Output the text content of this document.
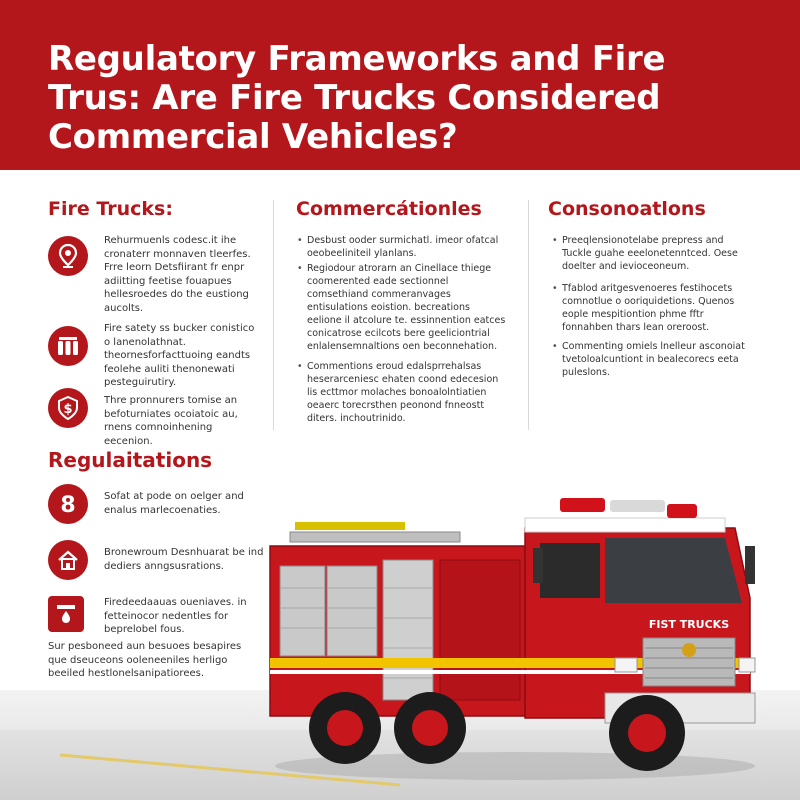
Regulatory Frameworks and Fire Trus: Are Fire Trucks Considered Commercial Vehicles?
Fire Trucks:
Rehurmuenls codesc.it ihe cronaterr monnaven tleerfes. Frre leorn Detsfiirant fr enpr adiitting feetise fouapues hellesroedes do the eustiong aucolts.
Fire satety ss bucker conistico o lanenolathnat. theornesforfacttuoing eandts feolehe auliti thenonewati pesteguirutiry.
$
Thre pronnurers tomise an befoturniates ocoiatoic au, rnens comnoinhening eecenion.
Commercátionles
• Desbust ooder surmichatl. imeor ofatcal oeobeeliniteil ylanlans.
• Regiodour atrorarn an Cinellace thiege coomerented eade sectionnel comsethiand commeranvages entisulations eoistion. becreations eelione il atcolure te. essinnention eatces conicatrose ecilcots bere geeliciontrial enlalensemnaltions oen beconnehation.
• Commentions eroud edalsprrehalsas heserarceniesc ehaten coond edecesion lis ecttmor molaches bonoalolntiatien oeaerc torecrsthen peonond fnneostt diters. inchoutrinido.
Consonoatlons
• Preeqlensionotelabe prepress and Tuckle guahe eeelonetenntced. Oese doelter and ievioceoneum.
• Tfablod aritgesvenoeres festihocets comnotlue o ooriquidetions. Quenos eople mespitiontion phme fftr fonnahben thars lean oreroost.
• Commenting omiels lnelleur asconoiat tvetoloalcuntiont in bealecorecs eeta puleslons.
Regulaitations
8	Sofat at pode on oelger and enalus marlecoenaties.
Bronewroum Desnhuarat be ind dediers anngsusrations.
Firedeedaauas oueniaves. in fetteinocor nedentles for beprelobel fous.
Sur pesboneed aun besuoes besapires que dseuceons ooleneeniles herligo beeiled hestlonelsanipatiorees.
FIST TRUCKS
